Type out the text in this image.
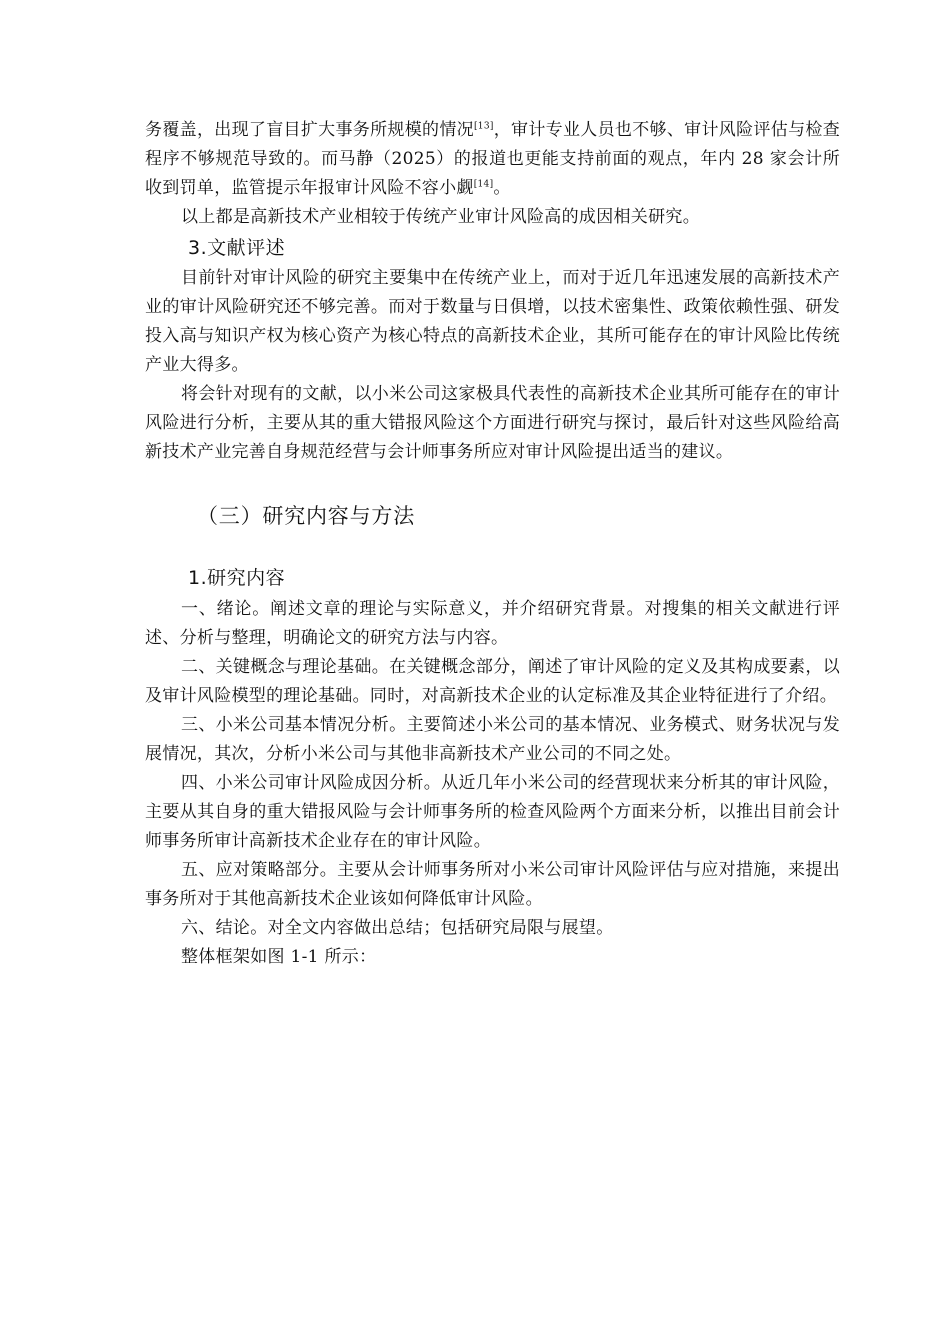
务覆盖，出现了盲目扩大事务所规模的情况[13]，审计专业人员也不够、审计风险评估与检查程序不够规范导致的。而马静（2025）的报道也更能支持前面的观点，年内 28 家会计所收到罚单，监管提示年报审计风险不容小觑[14]。

以上都是高新技术产业相较于传统产业审计风险高的成因相关研究。

3.文献评述

目前针对审计风险的研究主要集中在传统产业上，而对于近几年迅速发展的高新技术产业的审计风险研究还不够完善。而对于数量与日俱增，以技术密集性、政策依赖性强、研发投入高与知识产权为核心资产为核心特点的高新技术企业，其所可能存在的审计风险比传统产业大得多。

将会针对现有的文献，以小米公司这家极具代表性的高新技术企业其所可能存在的审计风险进行分析，主要从其的重大错报风险这个方面进行研究与探讨，最后针对这些风险给高新技术产业完善自身规范经营与会计师事务所应对审计风险提出适当的建议。

（三）研究内容与方法
1.研究内容

一、绪论。阐述文章的理论与实际意义，并介绍研究背景。对搜集的相关文献进行评述、分析与整理，明确论文的研究方法与内容。

二、关键概念与理论基础。在关键概念部分，阐述了审计风险的定义及其构成要素，以及审计风险模型的理论基础。同时，对高新技术企业的认定标准及其企业特征进行了介绍。

三、小米公司基本情况分析。主要简述小米公司的基本情况、业务模式、财务状况与发展情况，其次，分析小米公司与其他非高新技术产业公司的不同之处。

四、小米公司审计风险成因分析。从近几年小米公司的经营现状来分析其的审计风险，主要从其自身的重大错报风险与会计师事务所的检查风险两个方面来分析，以推出目前会计师事务所审计高新技术企业存在的审计风险。

五、应对策略部分。主要从会计师事务所对小米公司审计风险评估与应对措施，来提出事务所对于其他高新技术企业该如何降低审计风险。

六、结论。对全文内容做出总结；包括研究局限与展望。

整体框架如图 1-1 所示：
